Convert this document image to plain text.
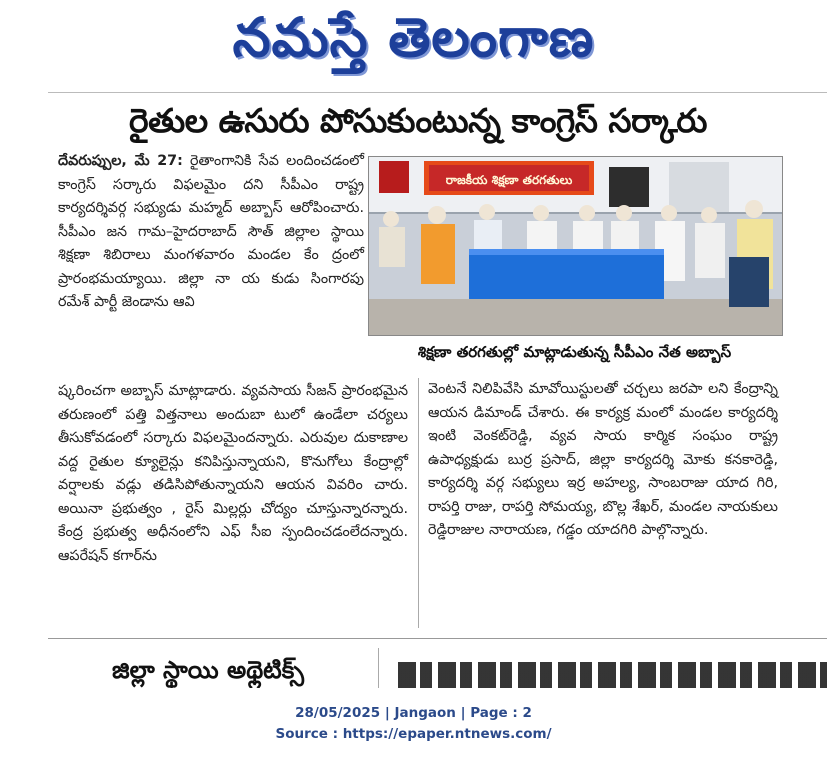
నమస్తే తెలంగాణ
రైతుల ఉసురు పోసుకుంటున్న కాంగ్రెస్ సర్కారు

దేవరుప్పుల, మే 27: రైతాంగానికి సేవ లందించడంలో కాంగ్రెస్ సర్కారు విఫలమైం దని సీపీఎం రాష్ట్ర కార్యదర్శివర్గ సభ్యుడు మహ్మద్ అబ్బాస్ ఆరోపించారు. సీపీఎం జన గామ–హైదరాబాద్ సౌత్ జిల్లాల స్థాయి శిక్షణా శిబిరాలు మంగళవారం మండల కేం ద్రంలో ప్రారంభమయ్యాయి. జిల్లా నా య కుడు సింగారపు రమేశ్ పార్టీ జెండాను ఆవి

రాజకీయ శిక్షణా తరగతులు
శిక్షణా తరగతుల్లో మాట్లాడుతున్న సీపీఎం నేత అబ్బాస్

ష్కరించగా అబ్బాస్ మాట్లాడారు. వ్యవసాయ సీజన్ ప్రారంభమైన తరుణంలో పత్తి విత్తనాలు అందుబా టులో ఉండేలా చర్యలు తీసుకోవడంలో సర్కారు విఫలమైందన్నారు. ఎరువుల దుకాణాల వద్ద రైతుల క్యూలైన్లు కనిపిస్తున్నాయని, కొనుగోలు కేంద్రాల్లో వర్షాలకు వడ్లు తడిసిపోతున్నాయని ఆయన వివరిం చారు. అయినా ప్రభుత్వం , రైస్ మిల్లర్లు చోద్యం చూస్తున్నారన్నారు. కేంద్ర ప్రభుత్వ అధీనంలోని ఎఫ్ సీఐ స్పందించడంలేదన్నారు. ఆపరేషన్ కగార్‌ను

వెంటనే నిలిపివేసి మావోయిస్టులతో చర్చలు జరపా లని కేంద్రాన్ని ఆయన డిమాండ్ చేశారు. ఈ కార్యక్ర మంలో మండల కార్యదర్శి ఇంటి వెంకట్‌రెడ్డి, వ్యవ సాయ కార్మిక సంఘం రాష్ట్ర ఉపాధ్యక్షుడు బుర్ర ప్రసాద్, జిల్లా కార్యదర్శి మోకు కనకారెడ్డి, కార్యదర్శి వర్గ సభ్యులు ఇర్ర అహల్య, సాంబరాజు యాద గిరి, రాపర్తి రాజు, రాపర్తి సోమయ్య, బొల్ల శేఖర్, మండల నాయకులు రెడ్డిరాజుల నారాయణ, గడ్డం యాదగిరి పాల్గొన్నారు.

జిల్లా స్థాయి అథ్లెటిక్స్
28/05/2025 | Jangaon | Page : 2
Source : https://epaper.ntnews.com/
